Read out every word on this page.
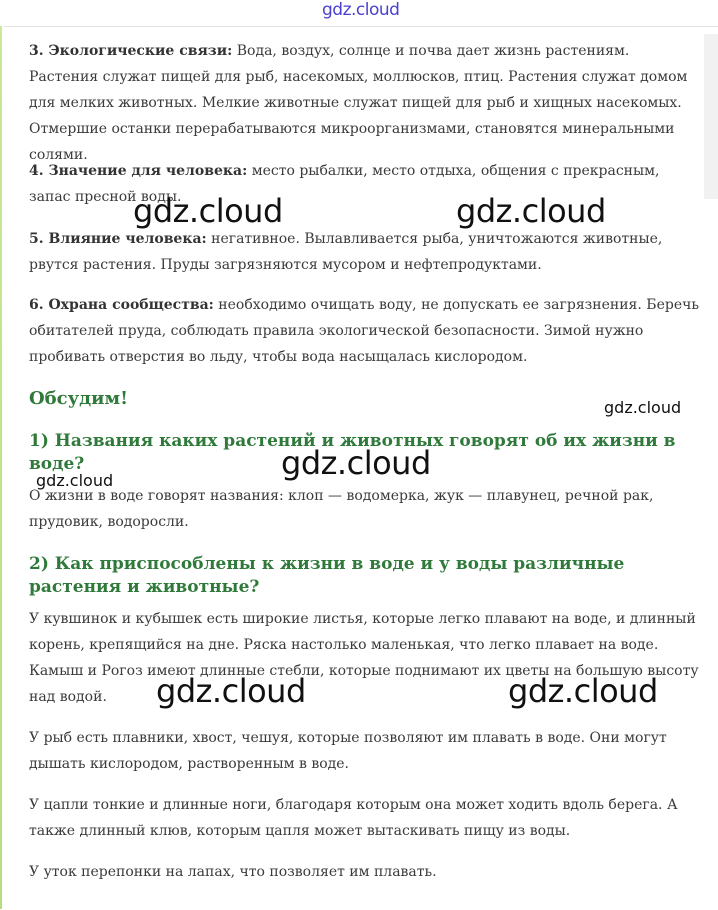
gdz.cloud

3. Экологические связи: Вода, воздух, солнце и почва дает жизнь растениям. Растения служат пищей для рыб, насекомых, моллюсков, птиц. Растения служат домом для мелких животных. Мелкие животные служат пищей для рыб и хищных насекомых. Отмершие останки перерабатываются микроорганизмами, становятся минеральными солями.

4. Значение для человека: место рыбалки, место отдыха, общения с прекрасным, запас пресной воды.

5. Влияние человека: негативное. Вылавливается рыба, уничтожаются животные, рвутся растения. Пруды загрязняются мусором и нефтепродуктами.

6. Охрана сообщества: необходимо очищать воду, не допускать ее загрязнения. Беречь обитателей пруда, соблюдать правила экологической безопасности. Зимой нужно пробивать отверстия во льду, чтобы вода насыщалась кислородом.

Обсудим!
1) Названия каких растений и животных говорят об их жизни в воде?

О жизни в воде говорят названия: клоп — водомерка, жук — плавунец, речной рак, прудовик, водоросли.

2) Как приспособлены к жизни в воде и у воды различные растения и животные?

У кувшинок и кубышек есть широкие листья, которые легко плавают на воде, и длинный корень, крепящийся на дне. Ряска настолько маленькая, что легко плавает на воде. Камыш и Рогоз имеют длинные стебли, которые поднимают их цветы на большую высоту над водой.

У рыб есть плавники, хвост, чешуя, которые позволяют им плавать в воде. Они могут дышать кислородом, растворенным в воде.

У цапли тонкие и длинные ноги, благодаря которым она может ходить вдоль берега. А также длинный клюв, которым цапля может вытаскивать пищу из воды.

У уток перепонки на лапах, что позволяет им плавать.

gdz.cloud	gdz.cloud
gdz.cloud
gdz.cloud
gdz.cloud
gdz.cloud	gdz.cloud
